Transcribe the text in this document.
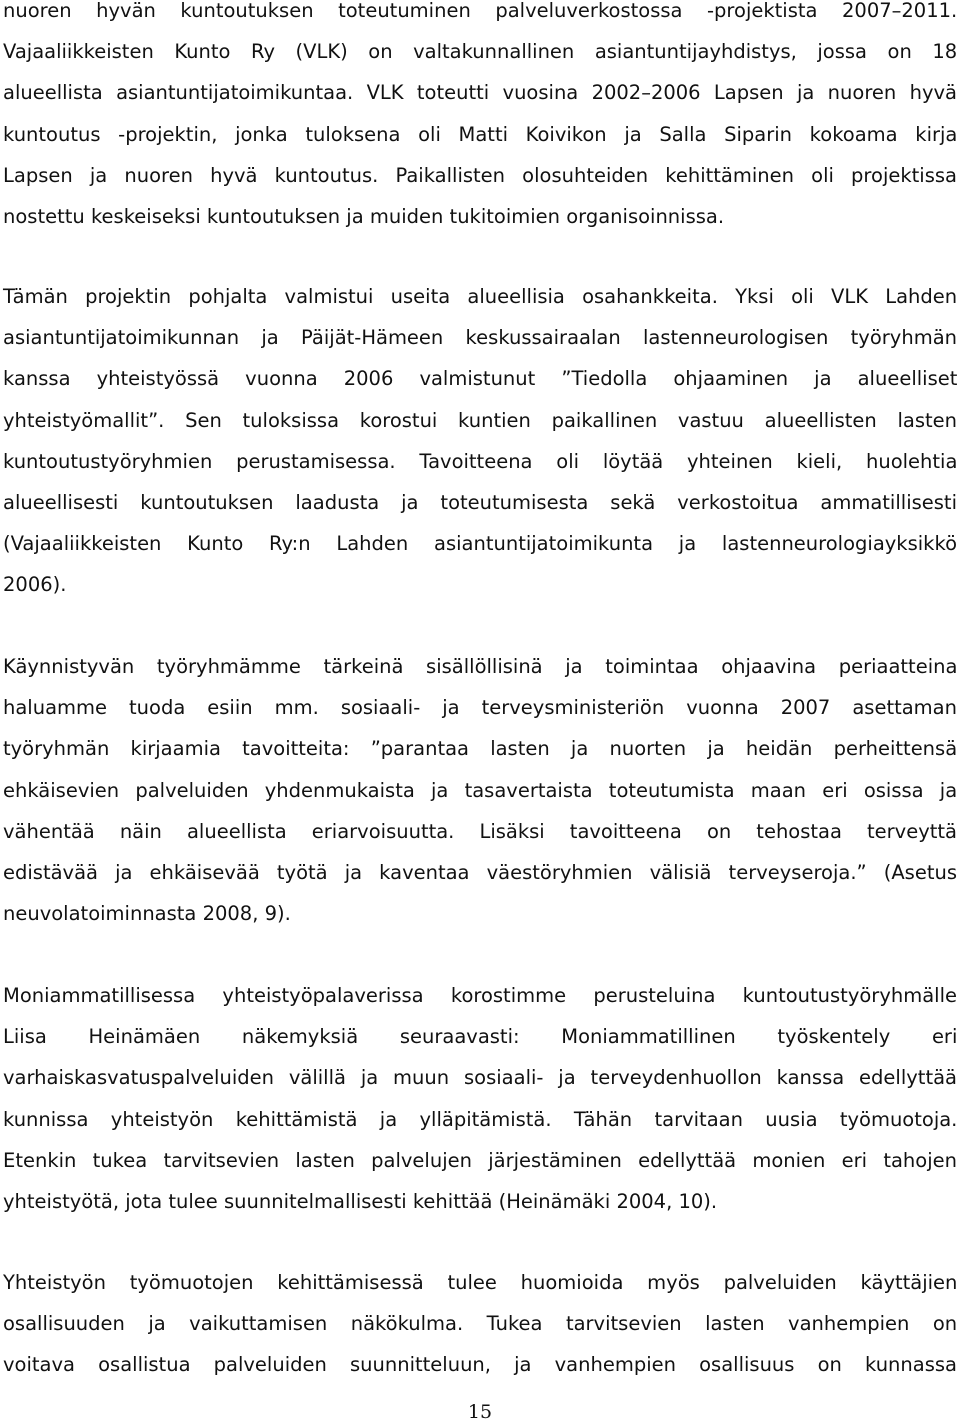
nuoren hyvän kuntoutuksen toteutuminen palveluverkostossa -projektista 2007–2011.
Vajaaliikkeisten Kunto Ry (VLK) on valtakunnallinen asiantuntijayhdistys, jossa on 18
alueellista asiantuntijatoimikuntaa. VLK toteutti vuosina 2002–2006 Lapsen ja nuoren hyvä
kuntoutus -projektin, jonka tuloksena oli Matti Koivikon ja Salla Siparin kokoama kirja
Lapsen ja nuoren hyvä kuntoutus. Paikallisten olosuhteiden kehittäminen oli projektissa
nostettu keskeiseksi kuntoutuksen ja muiden tukitoimien organisoinnissa.
Tämän projektin pohjalta valmistui useita alueellisia osahankkeita. Yksi oli VLK Lahden
asiantuntijatoimikunnan ja Päijät-Hämeen keskussairaalan lastenneurologisen työryhmän
kanssa yhteistyössä vuonna 2006 valmistunut ”Tiedolla ohjaaminen ja alueelliset
yhteistyömallit”. Sen tuloksissa korostui kuntien paikallinen vastuu alueellisten lasten
kuntoutustyöryhmien perustamisessa. Tavoitteena oli löytää yhteinen kieli, huolehtia
alueellisesti kuntoutuksen laadusta ja toteutumisesta sekä verkostoitua ammatillisesti
(Vajaaliikkeisten Kunto Ry:n Lahden asiantuntijatoimikunta ja lastenneurologiayksikkö
2006).
Käynnistyvän työryhmämme tärkeinä sisällöllisinä ja toimintaa ohjaavina periaatteina
haluamme tuoda esiin mm. sosiaali- ja terveysministeriön vuonna 2007 asettaman
työryhmän kirjaamia tavoitteita: ”parantaa lasten ja nuorten ja heidän perheittensä
ehkäisevien palveluiden yhdenmukaista ja tasavertaista toteutumista maan eri osissa ja
vähentää näin alueellista eriarvoisuutta. Lisäksi tavoitteena on tehostaa terveyttä
edistävää ja ehkäisevää työtä ja kaventaa väestöryhmien välisiä terveyseroja.” (Asetus
neuvolatoiminnasta 2008, 9).
Moniammatillisessa yhteistyöpalaverissa korostimme perusteluina kuntoutustyöryhmälle
Liisa Heinämäen näkemyksiä seuraavasti: Moniammatillinen työskentely eri
varhaiskasvatuspalveluiden välillä ja muun sosiaali- ja terveydenhuollon kanssa edellyttää
kunnissa yhteistyön kehittämistä ja ylläpitämistä. Tähän tarvitaan uusia työmuotoja.
Etenkin tukea tarvitsevien lasten palvelujen järjestäminen edellyttää monien eri tahojen
yhteistyötä, jota tulee suunnitelmallisesti kehittää (Heinämäki 2004, 10).
Yhteistyön työmuotojen kehittämisessä tulee huomioida myös palveluiden käyttäjien
osallisuuden ja vaikuttamisen näkökulma. Tukea tarvitsevien lasten vanhempien on
voitava osallistua palveluiden suunnitteluun, ja vanhempien osallisuus on kunnassa
15
